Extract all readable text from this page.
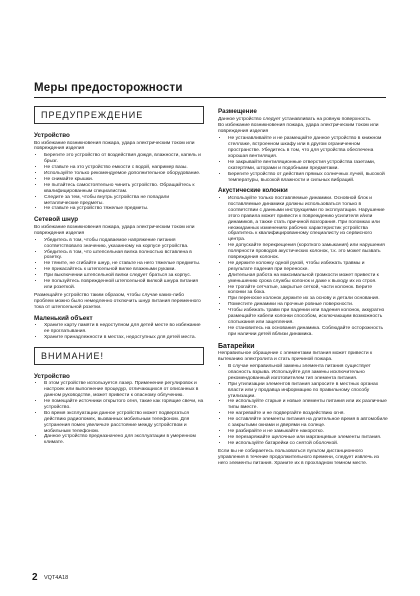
Меры предосторожности
ПРЕДУПРЕЖДЕНИЕ
Устройство
Во избежание возникновения пожара, удара электрическим током или повреждения изделия
• Берегите это устройство от воздействия дождя, влажности, капель и брызг.
• Не ставьте на это устройство емкости с водой, например вазы.
• Используйте только рекомендуемое дополнительное оборудование.
• Не снимайте крышки.
• Не пытайтесь самостоятельно чинить устройство. Обращайтесь к квалифицированным специалистам.
• Следите за тем, чтобы внутрь устройства не попадали металлические предметы.
• Не ставьте на устройство тяжелые предметы.
Сетевой шнур
Во избежание возникновения пожара, удара электрическим током или повреждения изделия
• Убедитесь в том, чтобы подаваемое напряжение питания соответствовало значению, указанному на корпусе устройства.
• Убедитесь в том, что штепсельная вилка полностью вставлена в розетку.
• Не тяните, не сгибайте шнур, не ставьте на него тяжелые предметы.
• Не прикасайтесь к штепсельной вилке влажными руками.
• При выключении штепсельной вилки следует браться за корпус.
• Не пользуйтесь поврежденной штепсельной вилкой шнура питания или розеткой.
Размещайте устройство таким образом, чтобы случае каких-либо проблем можно было немедленно отключить шнур питания переменного тока от штепсельной розетки.
Маленький объект
• Храните карту памяти в недоступном для детей месте во избежание ее проглатывания.
• Храните принадлежности в местах, недоступных для детей места.
ВНИМАНИЕ!
Устройство
• В этом устройстве используется лазер. Применение регулировок и настроек или выполнение процедур, отличающихся от описанных в данном руководстве, может привести к опасному облучению.
• Не помещайте источники открытого огня, такие как горящие свечи, на устройство.
• Во время эксплуатации данное устройство может подвергаться действию радиопомех, вызванных мобильным телефоном. Для устранения помех увеличьте расстояние между устройством и мобильным телефоном.
• Данное устройство предназначено для эксплуатации в умеренном климате.
Размещение
Данное устройство следует устанавливать на ровную поверхность.
Во избежание возникновения пожара, удара электрическим током или повреждения изделия
• Не устанавливайте и не размещайте данное устройство в книжном стеллаже, встроенном шкафу или в другом ограниченном пространстве. Убедитесь в том, что для устройства обеспечена хорошая вентиляция.
• Не закрывайте вентиляционные отверстия устройства газетами, скатертями, шторами и подобными предметами.
• Берегите устройство от действия прямых солнечных лучей, высокой температуры, высокой влажности и сильных вибраций.
Акустические колонки
• Используйте только поставляемые динамики. Основной блок и поставляемые динамики должны использоваться только в соответствии с данными инструкциями по эксплуатации. Нарушение этого правила может привести к повреждению усилителя и/или динамиков, а также стать причиной возгорания. При поломках или неожиданных изменениях рабочих характеристик устройства обратитесь к квалифицированному специалисту из сервисного центра.
• Не допускайте перекрещения (короткого замыкания) или нарушения полярности проводов акустических колонок, т.к. это может вызвать повреждения колонок.
• Не держите колонку одной рукой, чтобы избежать травмы и результате падения при переноске.
• Длительная работа на максимальной громкости может привести к уменьшению срока службы колонок и даже к выходу их из строя.
• Не трогайте сетчатые, закрытые сеткой, части колонок. Берите колонки за бока.
• При переноске колонок держите их за основу и детали основания.
• Поместите динамики на прочные ровные поверхности.
• Чтобы избежать травм при падении или падения колонок, аккуратно размещайте кабели колонки способом, исключающим возможность спотыкания или зацепления.
• Не становитесь на основания динамика. Соблюдайте осторожность при наличии детей вблизи динамика.
Батарейки
Неправильное обращение с элементами питания может привести к вытеканию электролита и стать причиной пожара.
• В случае неправильной замены элемента питания существует опасность взрыва. Используйте для замены исключительно рекомендованный изготовителем тип элемента питания.
• При утилизации элементов питания запросите в местных органах власти или у продавца информацию по правильному способу утилизации.
• Не используйте старые и новые элементы питания или их различные типы вместе.
• Не нагревайте и не подвергайте воздействию огня.
• Не оставляйте элементы питания на длительное время в автомобиле с закрытыми окнами и дверями на солнце.
• Не разбирайте и не замыкайте накоротко.
• Не перезаряжайте щелочные или марганцевые элементы питания.
• Не используйте батарейки со снятой оболочкой.
Если вы не собираетесь пользоваться пультом дистанционного управления в течение продолжительного времени, следует извлечь из него элементы питания. Храните их в прохладном темном месте.
2 VQT4A18
